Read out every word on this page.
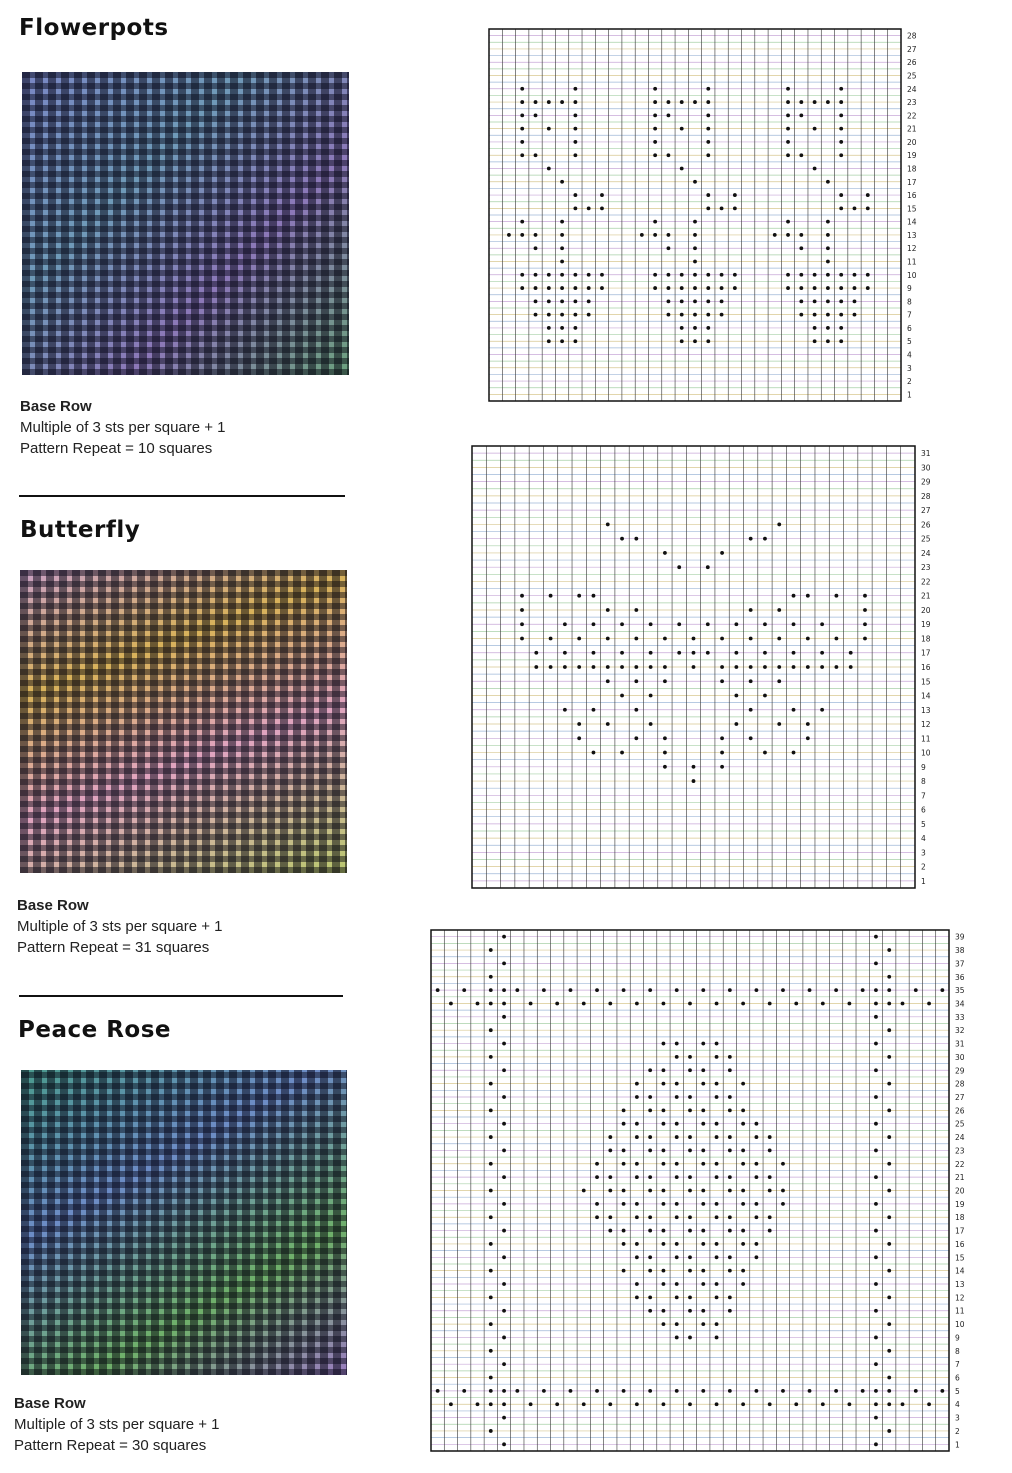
Flowerpots
Base Row
Multiple of 3 sts per square + 1
Pattern Repeat = 10 squares
Butterfly
Base Row
Multiple of 3 sts per square + 1
Pattern Repeat = 31 squares
Peace Rose
Base Row
Multiple of 3 sts per square + 1
Pattern Repeat = 30 squares
1
2
3
4
5
6
7
8
9
10
11
12
13
14
15
16
17
18
19
20
21
22
23
24
25
26
27
28
1
2
3
4
5
6
7
8
9
10
11
12
13
14
15
16
17
18
19
20
21
22
23
24
25
26
27
28
29
30
31
1
2
3
4
5
6
7
8
9
10
11
12
13
14
15
16
17
18
19
20
21
22
23
24
25
26
27
28
29
30
31
32
33
34
35
36
37
38
39
